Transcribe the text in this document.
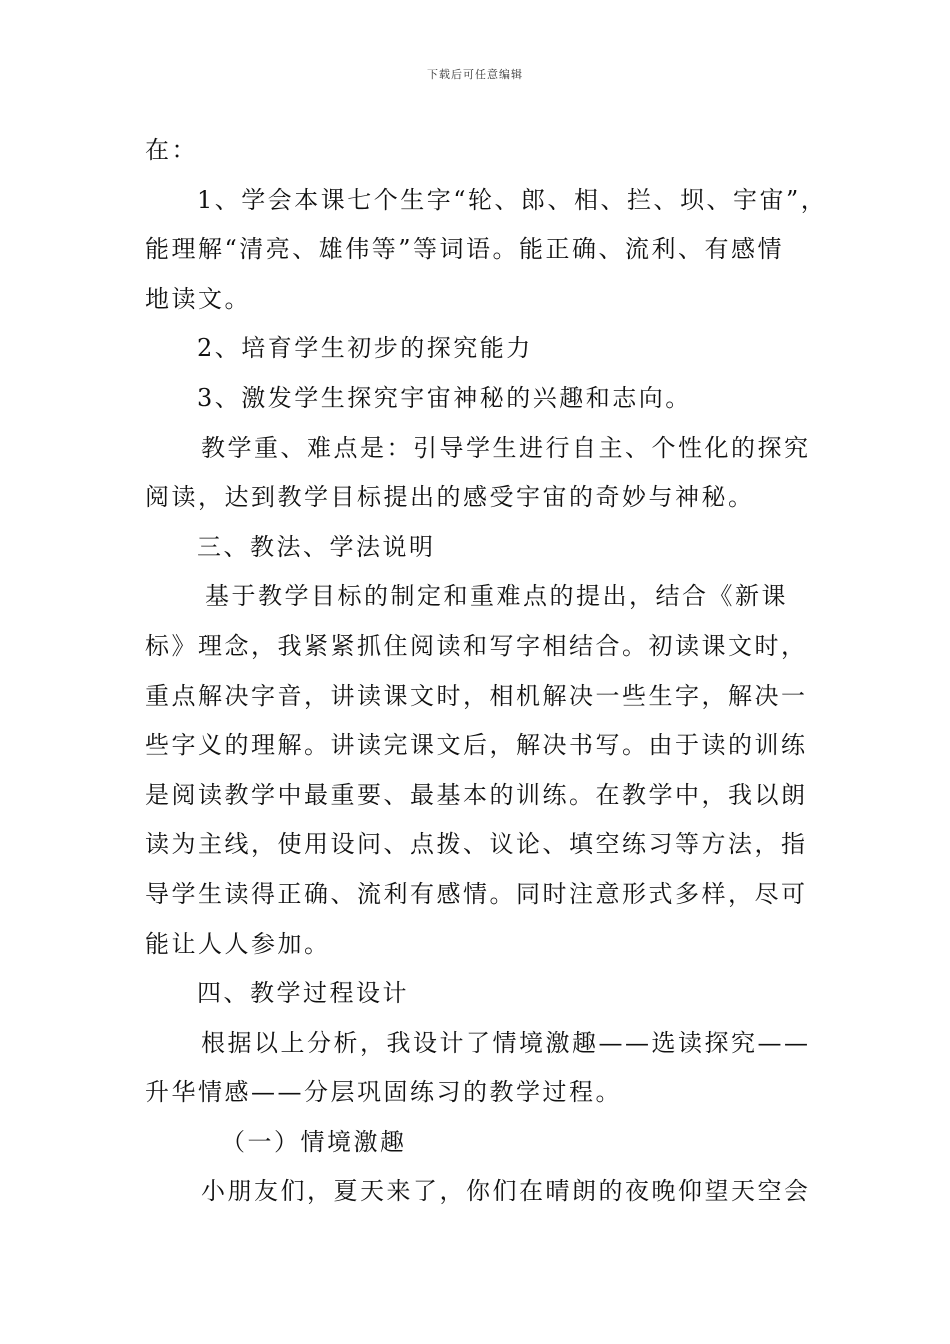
下载后可任意编辑
在：
1、学会本课七个生字“轮、郎、相、拦、坝、宇宙”，
能理解“清亮、雄伟等”等词语。能正确、流利、有感情
地读文。
2、培育学生初步的探究能力
3、激发学生探究宇宙神秘的兴趣和志向。
教学重、难点是：引导学生进行自主、个性化的探究
阅读，达到教学目标提出的感受宇宙的奇妙与神秘。
三、教法、学法说明
基于教学目标的制定和重难点的提出，结合《新课
标》理念，我紧紧抓住阅读和写字相结合。初读课文时，
重点解决字音，讲读课文时，相机解决一些生字，解决一
些字义的理解。讲读完课文后，解决书写。由于读的训练
是阅读教学中最重要、最基本的训练。在教学中，我以朗
读为主线，使用设问、点拨、议论、填空练习等方法，指
导学生读得正确、流利有感情。同时注意形式多样，尽可
能让人人参加。
四、教学过程设计
根据以上分析，我设计了情境激趣——选读探究——
升华情感——分层巩固练习的教学过程。
（一）情境激趣
小朋友们，夏天来了，你们在晴朗的夜晚仰望天空会
